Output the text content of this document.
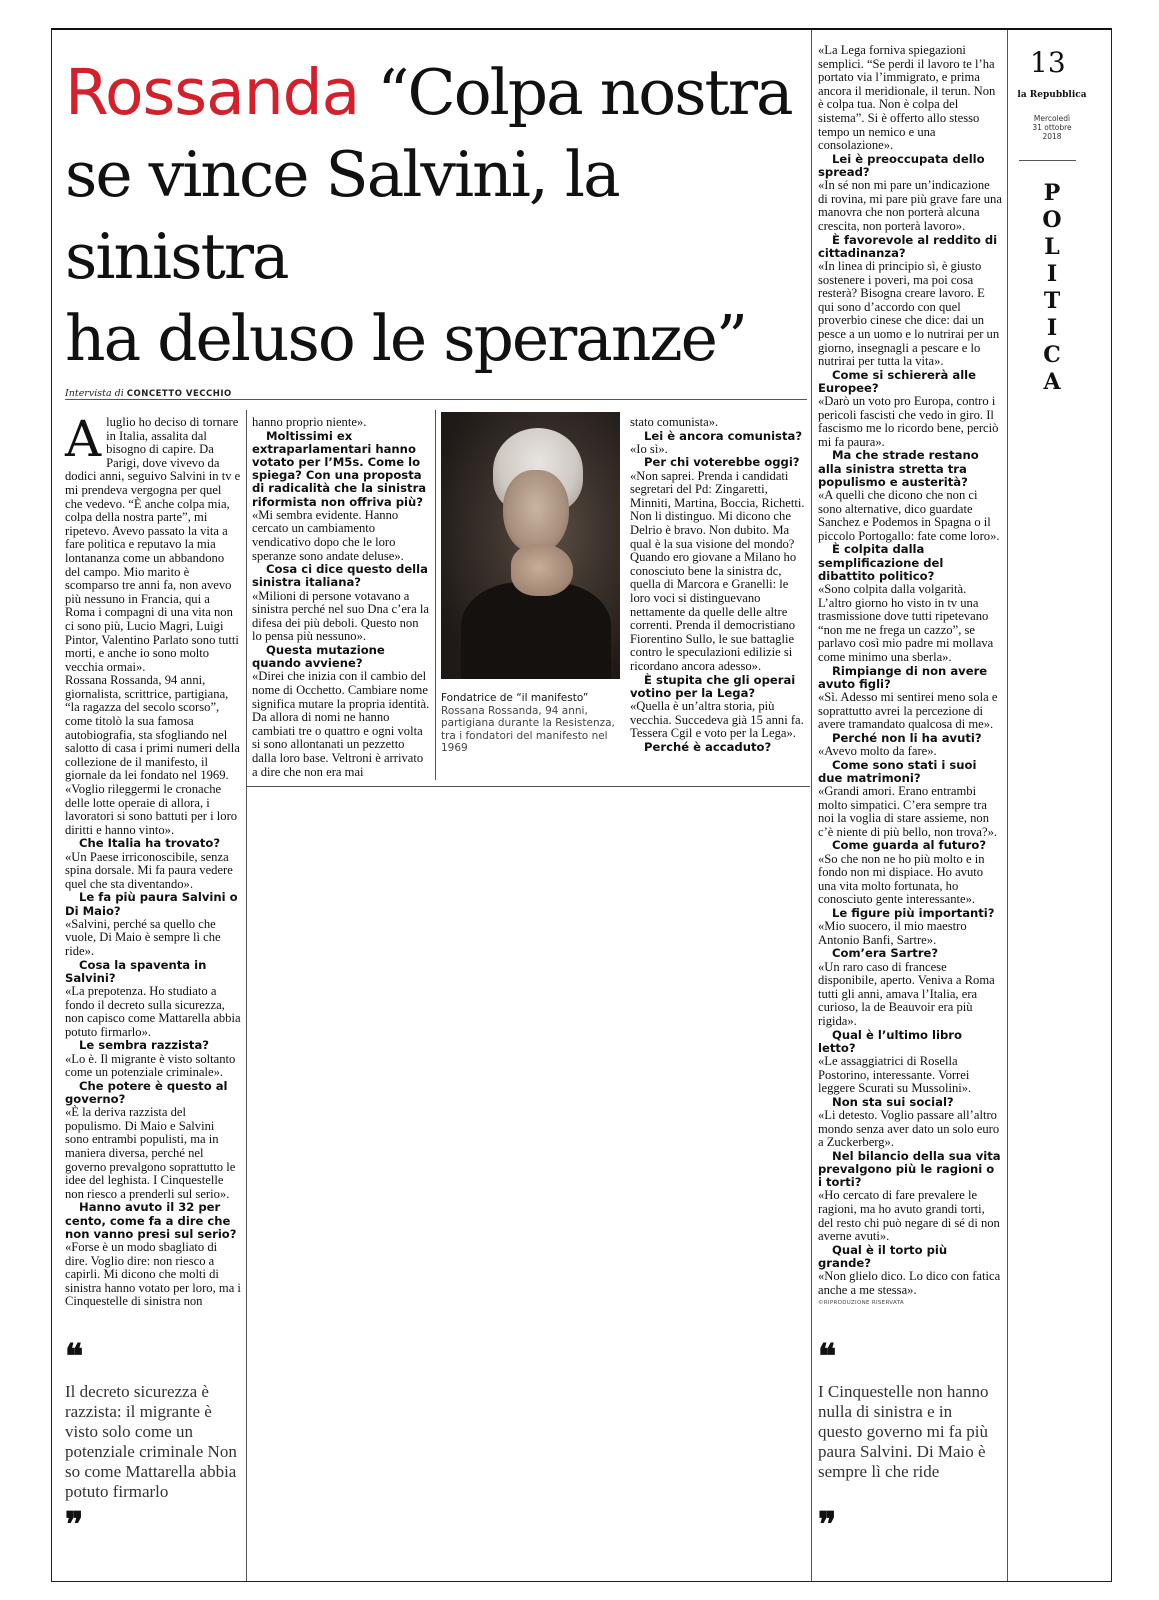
Rossanda “Colpa nostra
se vince Salvini, la sinistra
ha deluso le speranze”
Intervista di CONCETTO VECCHIO

Aluglio ho deciso di tornare in Italia, assalita dal bisogno di capire. Da Parigi, dove vivevo da dodici anni, seguivo Salvini in tv e mi prendeva vergogna per quel che vedevo. “È anche colpa mia, colpa della nostra parte”, mi ripetevo. Avevo passato la vita a fare politica e reputavo la mia lontananza come un abbandono del campo. Mio marito è scomparso tre anni fa, non avevo più nessuno in Francia, qui a Roma i compagni di una vita non ci sono più, Lucio Magri, Luigi Pintor, Valentino Parlato sono tutti morti, e anche io sono molto vecchia ormai».

Rossana Rossanda, 94 anni, giornalista, scrittrice, partigiana, “la ragazza del secolo scorso”, come titolò la sua famosa autobiografia, sta sfogliando nel salotto di casa i primi numeri della collezione de il manifesto, il giornale da lei fondato nel 1969. «Voglio rileggermi le cronache delle lotte operaie di allora, i lavoratori si sono battuti per i loro diritti e hanno vinto».

Che Italia ha trovato?

«Un Paese irriconoscibile, senza spina dorsale. Mi fa paura vedere quel che sta diventando».

Le fa più paura Salvini o Di Maio?

«Salvini, perché sa quello che vuole, Di Maio è sempre lì che ride».

Cosa la spaventa in Salvini?

«La prepotenza. Ho studiato a fondo il decreto sulla sicurezza, non capisco come Mattarella abbia potuto firmarlo».

Le sembra razzista?

«Lo è. Il migrante è visto soltanto come un potenziale criminale».

Che potere è questo al governo?

«È la deriva razzista del populismo. Di Maio e Salvini sono entrambi populisti, ma in maniera diversa, perché nel governo prevalgono soprattutto le idee del leghista. I Cinquestelle non riesco a prenderli sul serio».

Hanno avuto il 32 per cento, come fa a dire che non vanno presi sul serio?

«Forse è un modo sbagliato di dire. Voglio dire: non riesco a capirli. Mi dicono che molti di sinistra hanno votato per loro, ma i Cinquestelle di sinistra non

❝
Il decreto sicurezza è razzista: il migrante è visto solo come un potenziale criminale Non so come Mattarella abbia potuto firmarlo
❞

hanno proprio niente».

Moltissimi ex extraparlamentari hanno votato per l’M5s. Come lo spiega? Con una proposta di radicalità che la sinistra riformista non offriva più?

«Mi sembra evidente. Hanno cercato un cambiamento vendicativo dopo che le loro speranze sono andate deluse».

Cosa ci dice questo della sinistra italiana?

«Milioni di persone votavano a sinistra perché nel suo Dna c’era la difesa dei più deboli. Questo non lo pensa più nessuno».

Questa mutazione quando avviene?

«Direi che inizia con il cambio del nome di Occhetto. Cambiare nome significa mutare la propria identità. Da allora di nomi ne hanno cambiati tre o quattro e ogni volta si sono allontanati un pezzetto dalla loro base. Veltroni è arrivato a dire che non era mai

Fondatrice de “il manifesto”
Rossana Rossanda, 94 anni, partigiana durante la Resistenza, tra i fondatori del manifesto nel 1969

stato comunista».

Lei è ancora comunista?

«Io sì».

Per chi voterebbe oggi?

«Non saprei. Prenda i candidati segretari del Pd: Zingaretti, Minniti, Martina, Boccia, Richetti. Non li distinguo. Mi dicono che Delrio è bravo. Non dubito. Ma qual è la sua visione del mondo? Quando ero giovane a Milano ho conosciuto bene la sinistra dc, quella di Marcora e Granelli: le loro voci si distinguevano nettamente da quelle delle altre correnti. Prenda il democristiano Fiorentino Sullo, le sue battaglie contro le speculazioni edilizie si ricordano ancora adesso».

È stupita che gli operai votino per la Lega?

«Quella è un’altra storia, più vecchia. Succedeva già 15 anni fa. Tessera Cgil e voto per la Lega».

Perché è accaduto?

«La Lega forniva spiegazioni semplici. “Se perdi il lavoro te l’ha portato via l’immigrato, e prima ancora il meridionale, il terun. Non è colpa tua. Non è colpa del sistema”. Si è offerto allo stesso tempo un nemico e una consolazione».

Lei è preoccupata dello spread?

«In sé non mi pare un’indicazione di rovina, mi pare più grave fare una manovra che non porterà alcuna crescita, non porterà lavoro».

È favorevole al reddito di cittadinanza?

«In linea di principio sì, è giusto sostenere i poveri, ma poi cosa resterà? Bisogna creare lavoro. E qui sono d’accordo con quel proverbio cinese che dice: dai un pesce a un uomo e lo nutrirai per un giorno, insegnagli a pescare e lo nutrirai per tutta la vita».

Come si schiererà alle Europee?

«Darò un voto pro Europa, contro i pericoli fascisti che vedo in giro. Il fascismo me lo ricordo bene, perciò mi fa paura».

Ma che strade restano alla sinistra stretta tra populismo e austerità?

«A quelli che dicono che non ci sono alternative, dico guardate Sanchez e Podemos in Spagna o il piccolo Portogallo: fate come loro».

È colpita dalla semplificazione del dibattito politico?

«Sono colpita dalla volgarità. L’altro giorno ho visto in tv una trasmissione dove tutti ripetevano “non me ne frega un cazzo”, se parlavo così mio padre mi mollava come minimo una sberla».

Rimpiange di non avere avuto figli?

«Sì. Adesso mi sentirei meno sola e soprattutto avrei la percezione di avere tramandato qualcosa di me».

Perché non li ha avuti?

«Avevo molto da fare».

Come sono stati i suoi due matrimoni?

«Grandi amori. Erano entrambi molto simpatici. C’era sempre tra noi la voglia di stare assieme, non c’è niente di più bello, non trova?».

Come guarda al futuro?

«So che non ne ho più molto e in fondo non mi dispiace. Ho avuto una vita molto fortunata, ho conosciuto gente interessante».

Le figure più importanti?

«Mio suocero, il mio maestro Antonio Banfi, Sartre».

Com’era Sartre?

«Un raro caso di francese disponibile, aperto. Veniva a Roma tutti gli anni, amava l’Italia, era curioso, la de Beauvoir era più rigida».

Qual è l’ultimo libro letto?

«Le assaggiatrici di Rosella Postorino, interessante. Vorrei leggere Scurati su Mussolini».

Non sta sui social?

«Li detesto. Voglio passare all’altro mondo senza aver dato un solo euro a Zuckerberg».

Nel bilancio della sua vita prevalgono più le ragioni o i torti?

«Ho cercato di fare prevalere le ragioni, ma ho avuto grandi torti, del resto chi può negare di sé di non averne avuti».

Qual è il torto più grande?

«Non glielo dico. Lo dico con fatica anche a me stessa».

©RIPRODUZIONE RISERVATA

❝
I Cinquestelle non hanno nulla di sinistra e in questo governo mi fa più paura Salvini. Di Maio è sempre lì che ride
❞
13
la Repubblica
Mercoledì
31 ottobre
2018
P
O
L
I
T
I
C
A
